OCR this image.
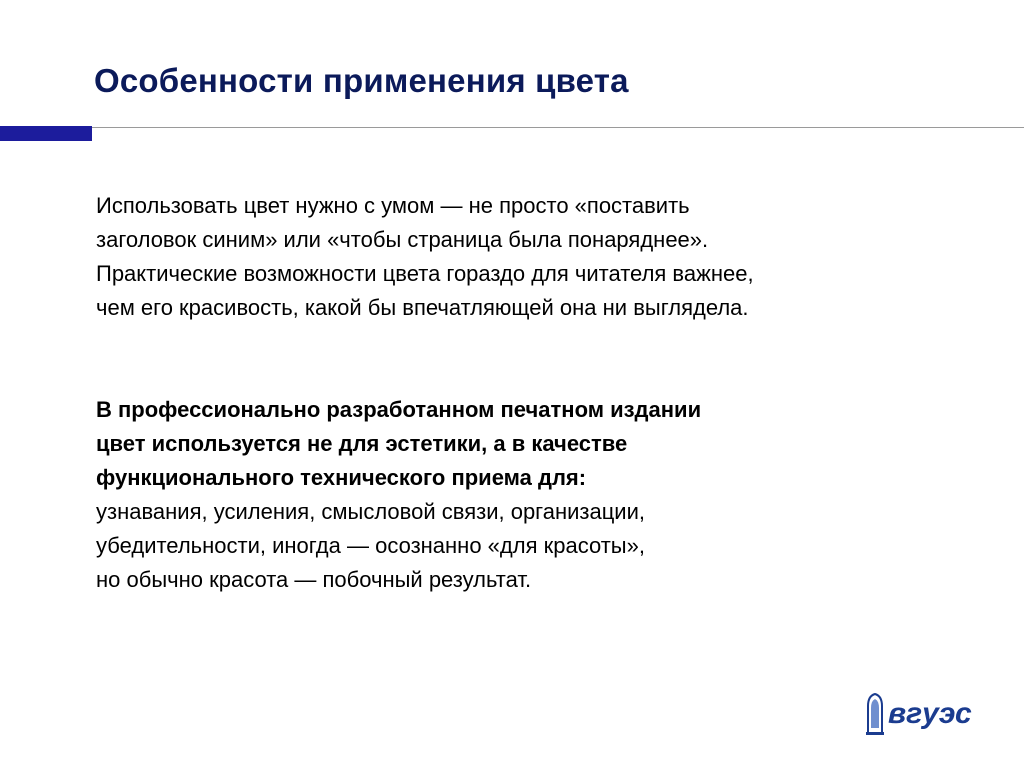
Особенности применения цвета
Использовать цвет нужно с умом — не просто «поставить
заголовок синим» или «чтобы страница была понаряднее».
Практические возможности цвета гораздо для читателя важнее,
чем его красивость, какой бы впечатляющей она ни выглядела.
В профессионально разработанном печатном издании
цвет используется не для эстетики, а в качестве
функционального технического приема для:
узнавания, усиления, смысловой связи, организации,
убедительности, иногда — осознанно «для красоты»,
но обычно красота — побочный результат.
вгуэс
